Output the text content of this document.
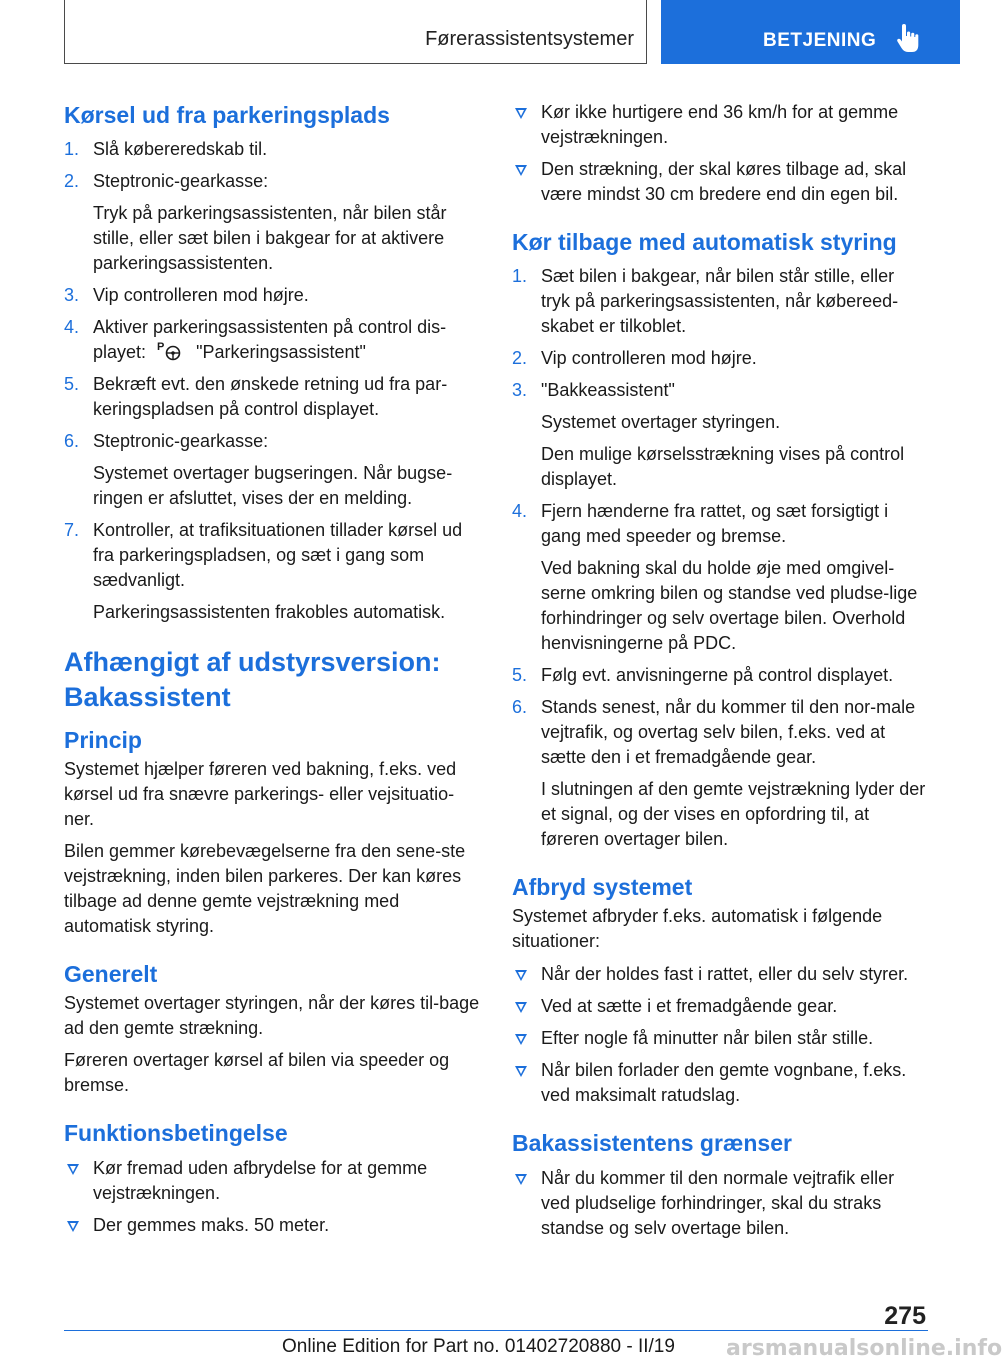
Førerassistentsystemer	BETJENING
Kørsel ud fra parkeringsplads
1. Slå købereredskab til.
2. Steptronic-gearkasse:
Tryk på parkeringsassistenten, når bilen står stille, eller sæt bilen i bakgear for at aktivere parkeringsassistenten.
3. Vip controlleren mod højre.
4. Aktiver parkeringsassistenten på control dis-
playet: P "Parkeringsassistent"
5. Bekræft evt. den ønskede retning ud fra par-keringspladsen på control displayet.
6. Steptronic-gearkasse:
Systemet overtager bugseringen. Når bugse-ringen er afsluttet, vises der en melding.
7. Kontroller, at trafiksituationen tillader kørsel ud fra parkeringspladsen, og sæt i gang som sædvanligt.
Parkeringsassistenten frakobles automatisk.
Afhængigt af udstyrsversion:
Bakassistent
Princip

Systemet hjælper føreren ved bakning, f.eks. ved kørsel ud fra snævre parkerings- eller vejsituatio-ner.

Bilen gemmer kørebevægelserne fra den sene-ste vejstrækning, inden bilen parkeres. Der kan køres tilbage ad denne gemte vejstrækning med automatisk styring.

Generelt

Systemet overtager styringen, når der køres til-bage ad den gemte strækning.

Føreren overtager kørsel af bilen via speeder og bremse.

Funktionsbetingelse
Kør fremad uden afbrydelse for at gemme vejstrækningen.
Der gemmes maks. 50 meter.
Kør ikke hurtigere end 36 km/h for at gemme vejstrækningen.
Den strækning, der skal køres tilbage ad, skal være mindst 30 cm bredere end din egen bil.
Kør tilbage med automatisk styring
1. Sæt bilen i bakgear, når bilen står stille, eller tryk på parkeringsassistenten, når købereed-skabet er tilkoblet.
2. Vip controlleren mod højre.
3. "Bakkeassistent"
Systemet overtager styringen.
Den mulige kørselsstrækning vises på control displayet.
4. Fjern hænderne fra rattet, og sæt forsigtigt i gang med speeder og bremse.
Ved bakning skal du holde øje med omgivel-serne omkring bilen og standse ved pludse-lige forhindringer og selv overtage bilen. Overhold henvisningerne på PDC.
5. Følg evt. anvisningerne på control displayet.
6. Stands senest, når du kommer til den nor-male vejtrafik, og overtag selv bilen, f.eks. ved at sætte den i et fremadgående gear.
I slutningen af den gemte vejstrækning lyder der et signal, og der vises en opfordring til, at føreren overtager bilen.
Afbryd systemet

Systemet afbryder f.eks. automatisk i følgende situationer:

Når der holdes fast i rattet, eller du selv styrer.
Ved at sætte i et fremadgående gear.
Efter nogle få minutter når bilen står stille.
Når bilen forlader den gemte vognbane, f.eks. ved maksimalt ratudslag.
Bakassistentens grænser
Når du kommer til den normale vejtrafik eller ved pludselige forhindringer, skal du straks standse og selv overtage bilen.
275
Online Edition for Part no. 01402720880 - II/19 arsmanualsonline.info
